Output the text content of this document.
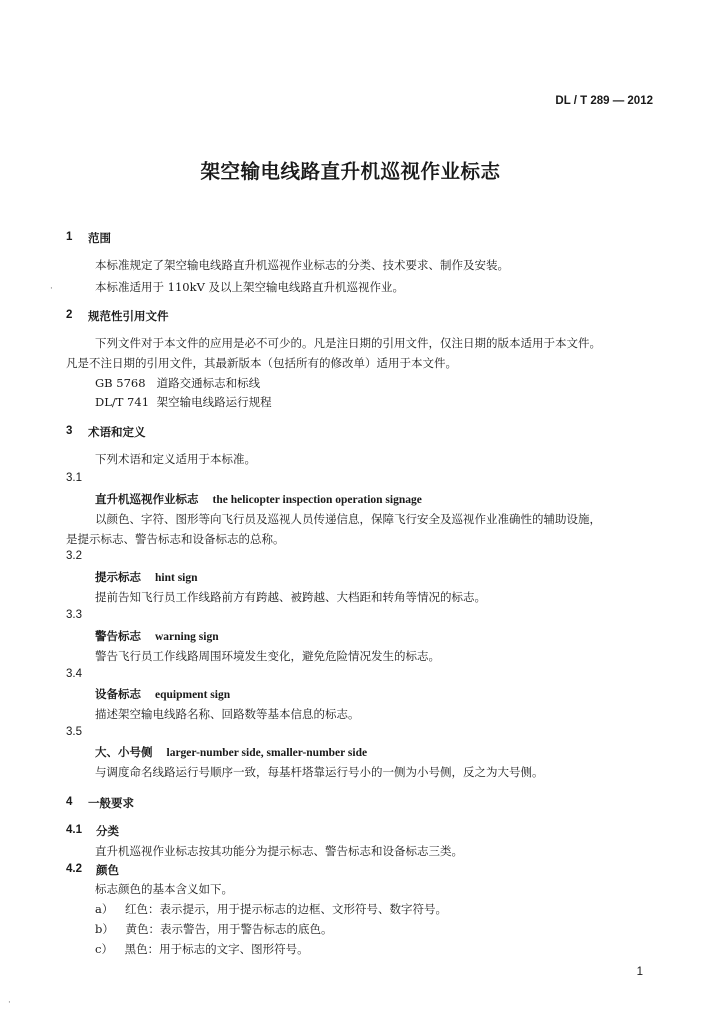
DL / T 289 — 2012
架空输电线路直升机巡视作业标志
1 范围
本标准规定了架空输电线路直升机巡视作业标志的分类、技术要求、制作及安装。
本标准适用于 110kV 及以上架空输电线路直升机巡视作业。
·
2 规范性引用文件
下列文件对于本文件的应用是必不可少的。凡是注日期的引用文件，仅注日期的版本适用于本文件。
凡是不注日期的引用文件，其最新版本（包括所有的修改单）适用于本文件。
GB 5768 道路交通标志和标线
DL/T 741 架空输电线路运行规程
3 术语和定义
下列术语和定义适用于本标准。
3.1
直升机巡视作业标志 the helicopter inspection operation signage
以颜色、字符、图形等向飞行员及巡视人员传递信息，保障飞行安全及巡视作业准确性的辅助设施，
是提示标志、警告标志和设备标志的总称。
3.2
提示标志 hint sign
提前告知飞行员工作线路前方有跨越、被跨越、大档距和转角等情况的标志。
3.3
警告标志 warning sign
警告飞行员工作线路周围环境发生变化，避免危险情况发生的标志。
3.4
设备标志 equipment sign
描述架空输电线路名称、回路数等基本信息的标志。
3.5
大、小号侧 larger-number side, smaller-number side
与调度命名线路运行号顺序一致，每基杆塔靠运行号小的一侧为小号侧，反之为大号侧。
4 一般要求
4.1 分类
直升机巡视作业标志按其功能分为提示标志、警告标志和设备标志三类。
4.2 颜色
标志颜色的基本含义如下。
a） 红色：表示提示，用于提示标志的边框、文形符号、数字符号。
b） 黄色：表示警告，用于警告标志的底色。
c） 黑色：用于标志的文字、图形符号。
1
·
